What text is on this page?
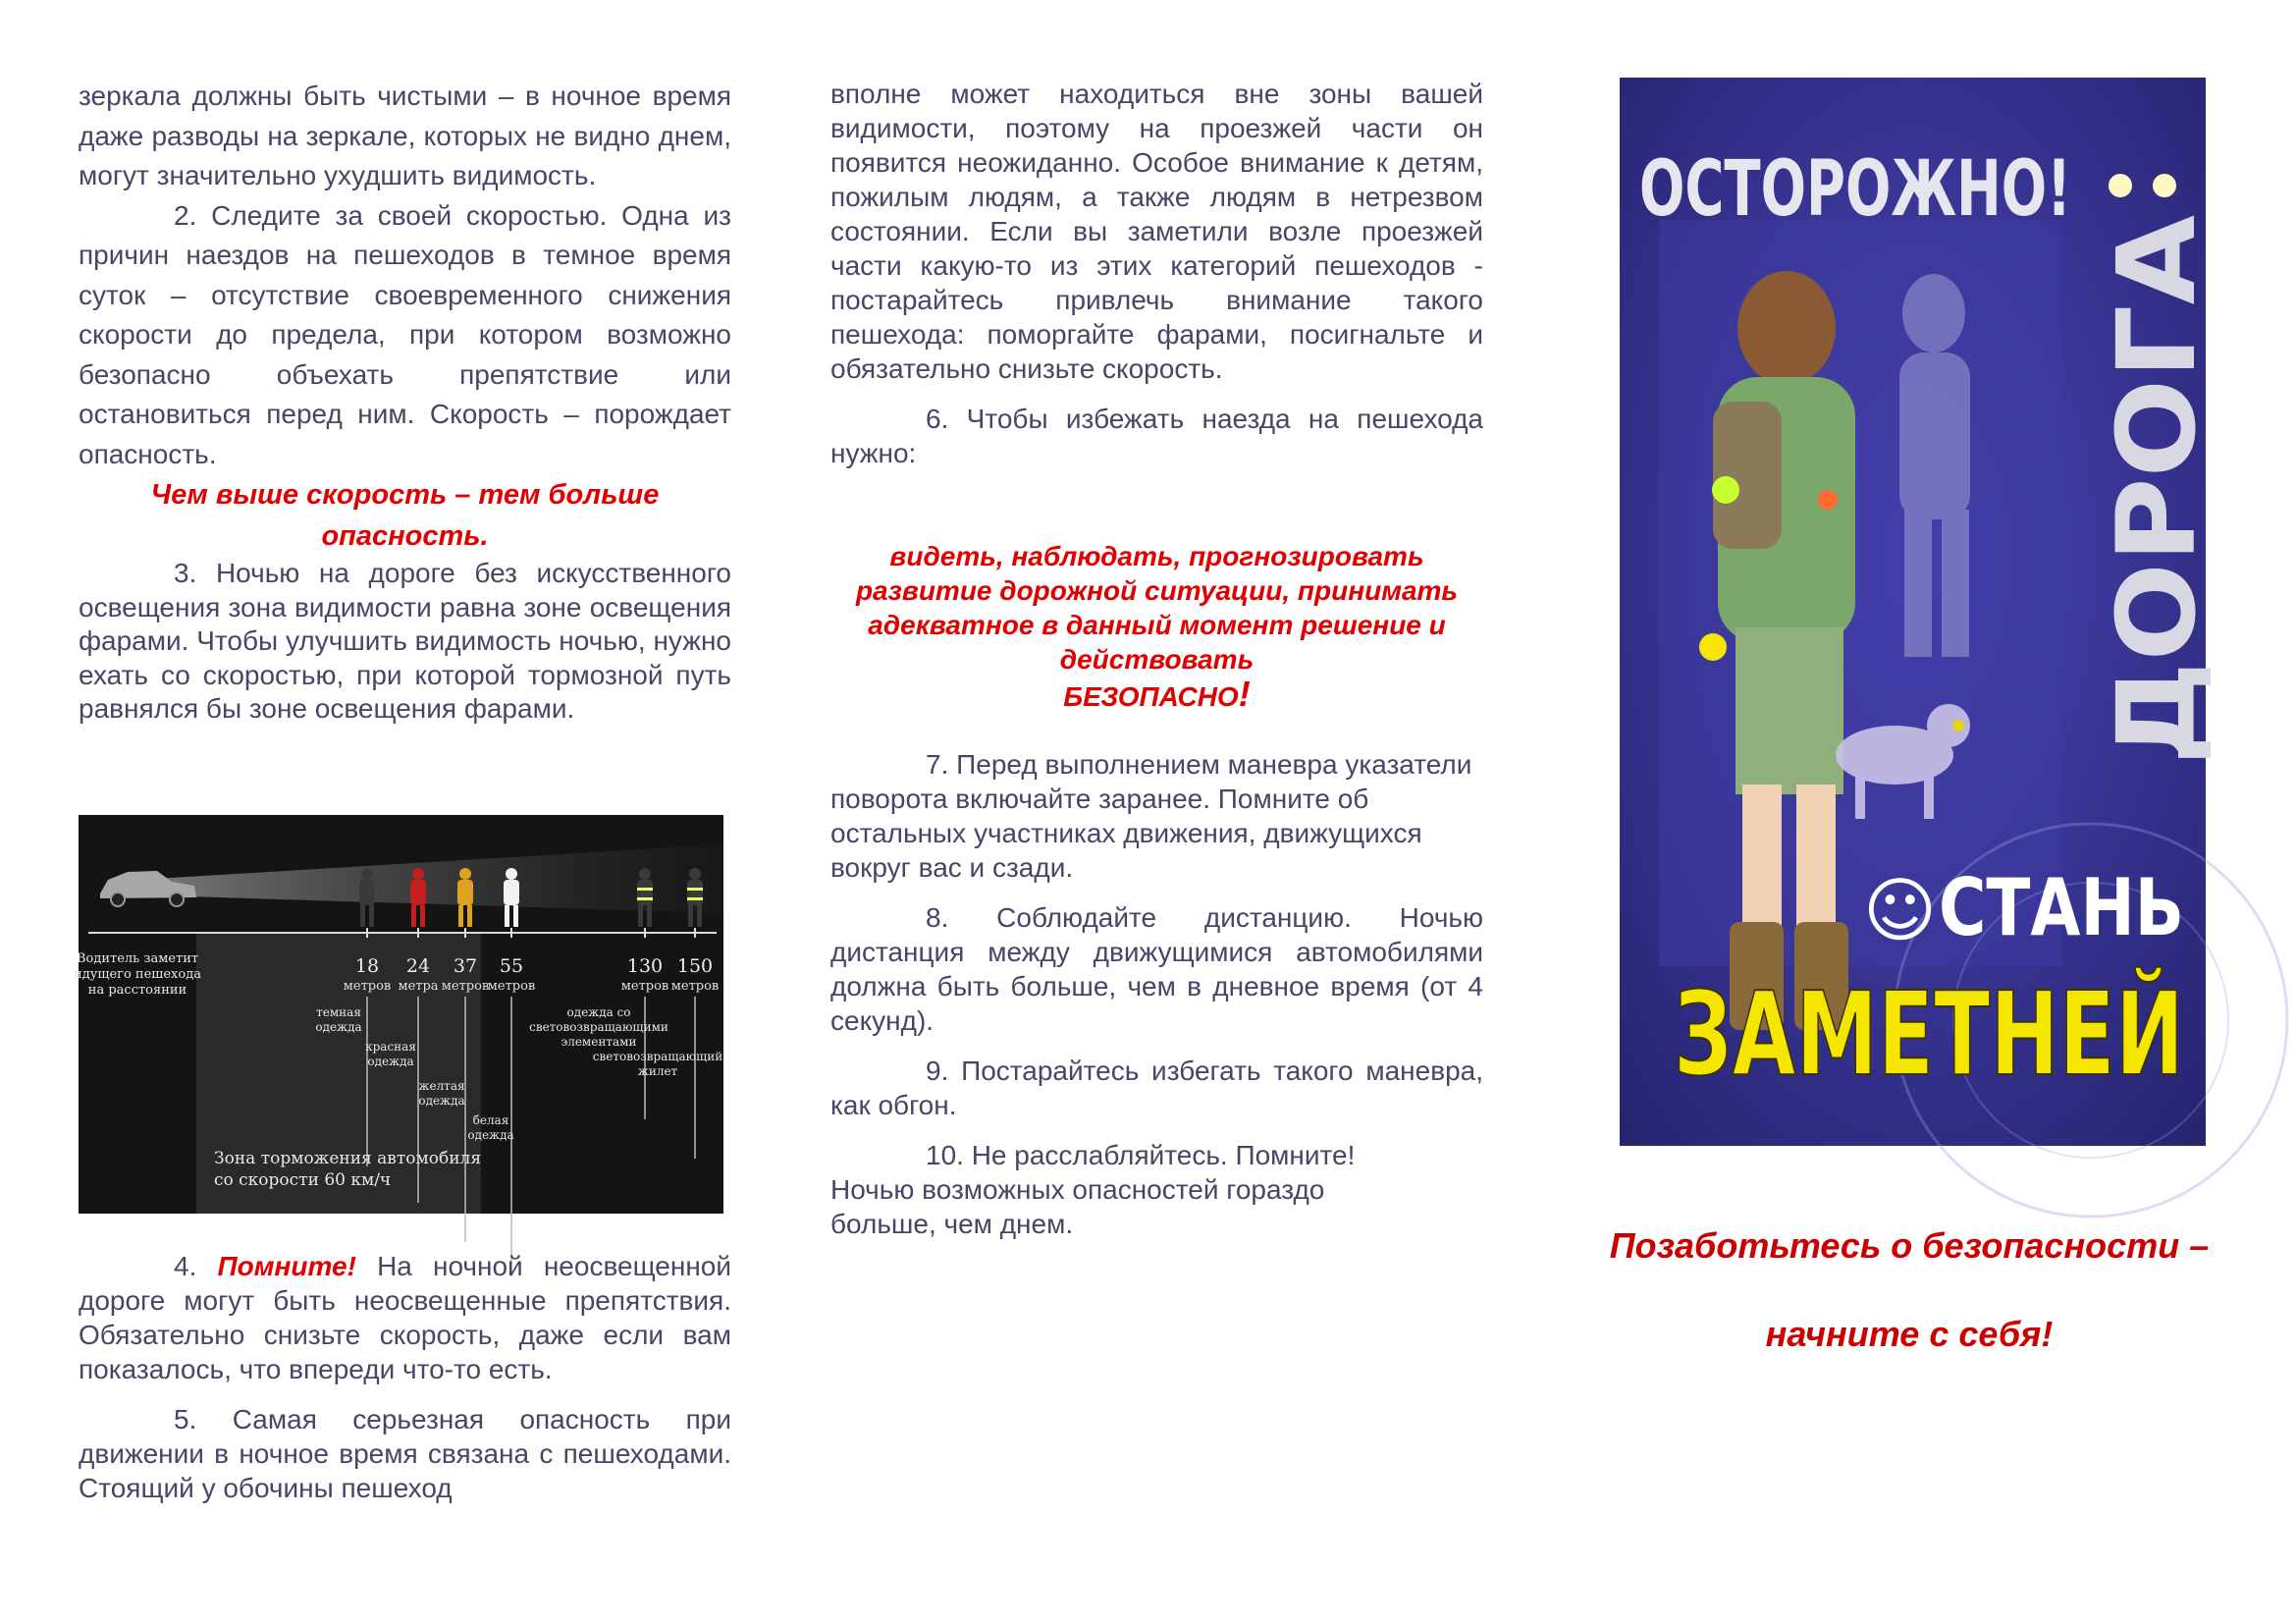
зеркала должны быть чистыми – в ночное время даже разводы на зеркале, которых не видно днем, могут значительно ухудшить видимость.

2. Следите за своей скоростью. Одна из причин наездов на пешеходов в темное время суток – отсутствие своевременного снижения скорости до предела, при котором возможно безопасно объехать препятствие или остановиться перед ним. Скорость – порождает опасность.

Чем выше скорость – тем больше опасность.

3. Ночью на дороге без искусственного освещения зона видимости равна зоне освещения фарами. Чтобы улучшить видимость ночью, нужно ехать со скоростью, при которой тормозной путь равнялся бы зоне освещения фарами.

Водитель заметит
идущего пешехода
на расстоянии
18
метров
темная
одежда
24
метра
красная
одежда
37
метров
желтая
одежда
55
метров
белая
одежда
130
метров
одежда со
световозвращающими
элементами
150
метров
световозвращающий
жилет
Зона торможения автомобиля
со скорости 60 км/ч

4. Помните! На ночной неосвещенной дороге могут быть неосвещенные препятствия. Обязательно снизьте скорость, даже если вам показалось, что впереди что-то есть.

5. Самая серьезная опасность при движении в ночное время связана с пешеходами. Стоящий у обочины пешеход

вполне может находиться вне зоны вашей видимости, поэтому на проезжей части он появится неожиданно. Особое внимание к детям, пожилым людям, а также людям в нетрезвом состоянии. Если вы заметили возле проезжей части какую-то из этих категорий пешеходов - постарайтесь привлечь внимание такого пешехода: поморгайте фарами, посигнальте и обязательно снизьте скорость.

6. Чтобы избежать наезда на пешехода нужно:

видеть, наблюдать, прогнозировать развитие дорожной ситуации, принимать адекватное в данный момент решение и действовать
БЕЗОПАСНО!

7. Перед выполнением маневра указатели поворота включайте заранее. Помните об остальных участниках движения, движущихся вокруг вас и сзади.

8. Соблюдайте дистанцию. Ночью дистанция между движущимися автомобилями должна быть больше, чем в дневное время (от 4 секунд).

9. Постарайтесь избегать такого маневра, как обгон.

10. Не расслабляйтесь. Помните! Ночью возможных опасностей гораздо больше, чем днем.

ОСТОРОЖНО!
ДОРОГА
☺ СТАНЬ
ЗАМЕТНЕЙ

Позаботьтесь о безопасности –

начните с себя!
